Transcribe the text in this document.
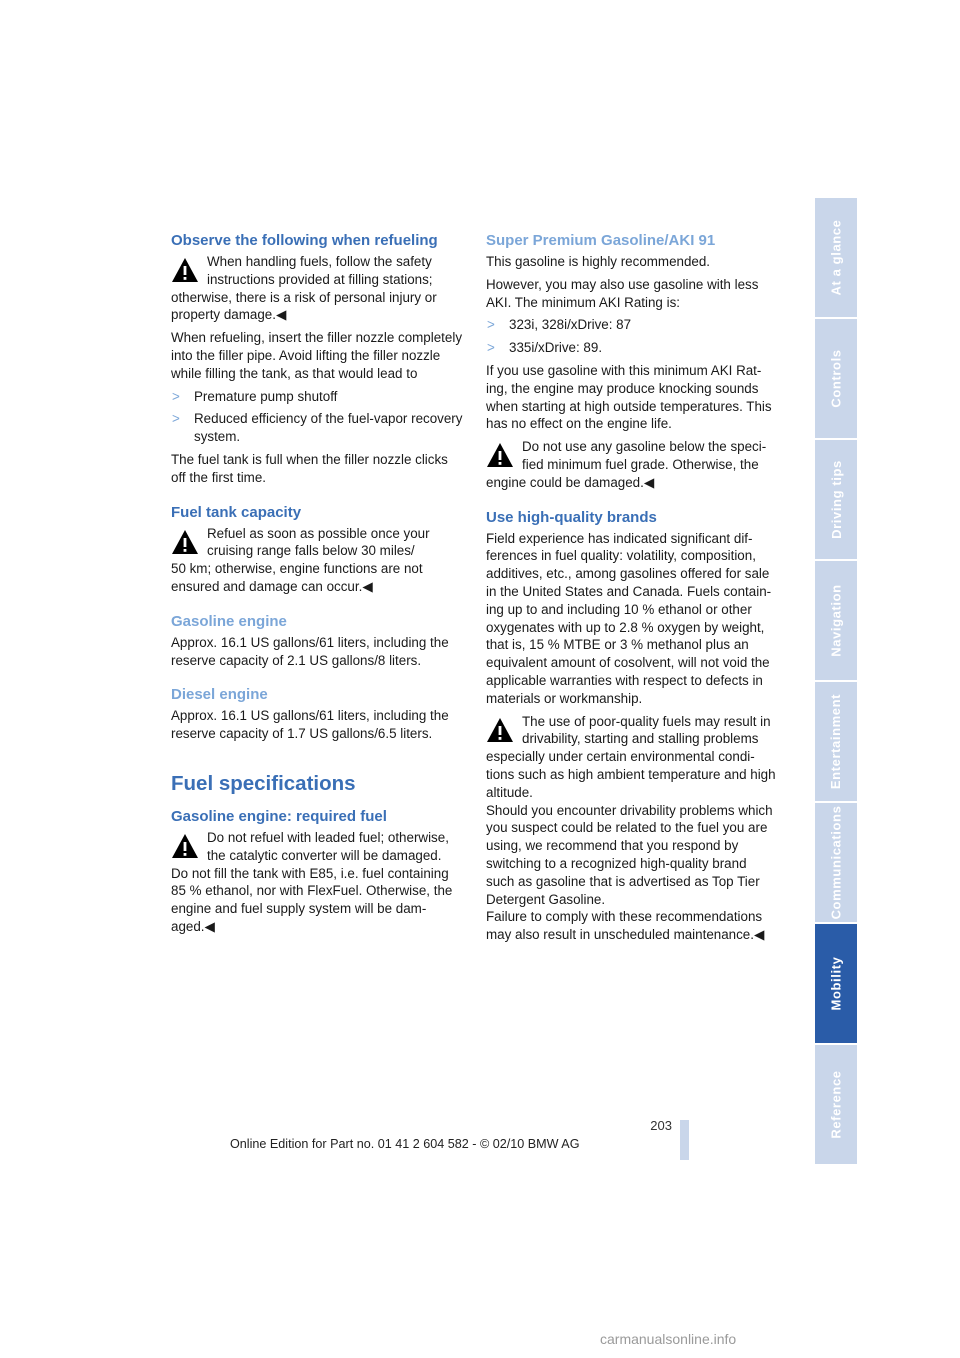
Observe the following when refueling
When handling fuels, follow the safety
instructions provided at filling stations;
otherwise, there is a risk of personal injury or property damage.◀

When refueling, insert the filler nozzle completely into the filler pipe. Avoid lifting the filler nozzle while filling the tank, as that would lead to

> Premature pump shutoff
> Reduced efficiency of the fuel-vapor recovery system.

The fuel tank is full when the filler nozzle clicks off the first time.

Fuel tank capacity
Refuel as soon as possible once your
cruising range falls below 30 miles/
50 km; otherwise, engine functions are not ensured and damage can occur.◀
Gasoline engine

Approx. 16.1 US gallons/61 liters, including the reserve capacity of 2.1 US gallons/8 liters.

Diesel engine

Approx. 16.1 US gallons/61 liters, including the reserve capacity of 1.7 US gallons/6.5 liters.

Fuel specifications
Gasoline engine: required fuel
Do not refuel with leaded fuel; otherwise,
the catalytic converter will be damaged.
Do not fill the tank with E85, i.e. fuel containing 85 % ethanol, nor with FlexFuel. Otherwise, the engine and fuel supply system will be damaged.◀
Super Premium Gasoline/AKI 91

This gasoline is highly recommended.

However, you may also use gasoline with less AKI. The minimum AKI Rating is:

> 323i, 328i/xDrive: 87
> 335i/xDrive: 89.

If you use gasoline with this minimum AKI Rating, the engine may produce knocking sounds when starting at high outside temperatures. This has no effect on the engine life.

Do not use any gasoline below the speci-
fied minimum fuel grade. Otherwise, the
engine could be damaged.◀
Use high-quality brands

Field experience has indicated significant differences in fuel quality: volatility, composition, additives, etc., among gasolines offered for sale in the United States and Canada. Fuels containing up to and including 10 % ethanol or other oxygenates with up to 2.8 % oxygen by weight, that is, 15 % MTBE or 3 % methanol plus an equivalent amount of cosolvent, will not void the applicable warranties with respect to defects in materials or workmanship.

The use of poor-quality fuels may result in
drivability, starting and stalling problems
especially under certain environmental conditions such as high ambient temperature and high altitude.
Should you encounter drivability problems which you suspect could be related to the fuel you are using, we recommend that you respond by switching to a recognized high-quality brand such as gasoline that is advertised as Top Tier Detergent Gasoline.
Failure to comply with these recommendations may also result in unscheduled maintenance.◀
At a glance
Controls
Driving tips
Navigation
Entertainment
Communications
Mobility
Reference
203
Online Edition for Part no. 01 41 2 604 582 - © 02/10 BMW AG
carmanualsonline.info
